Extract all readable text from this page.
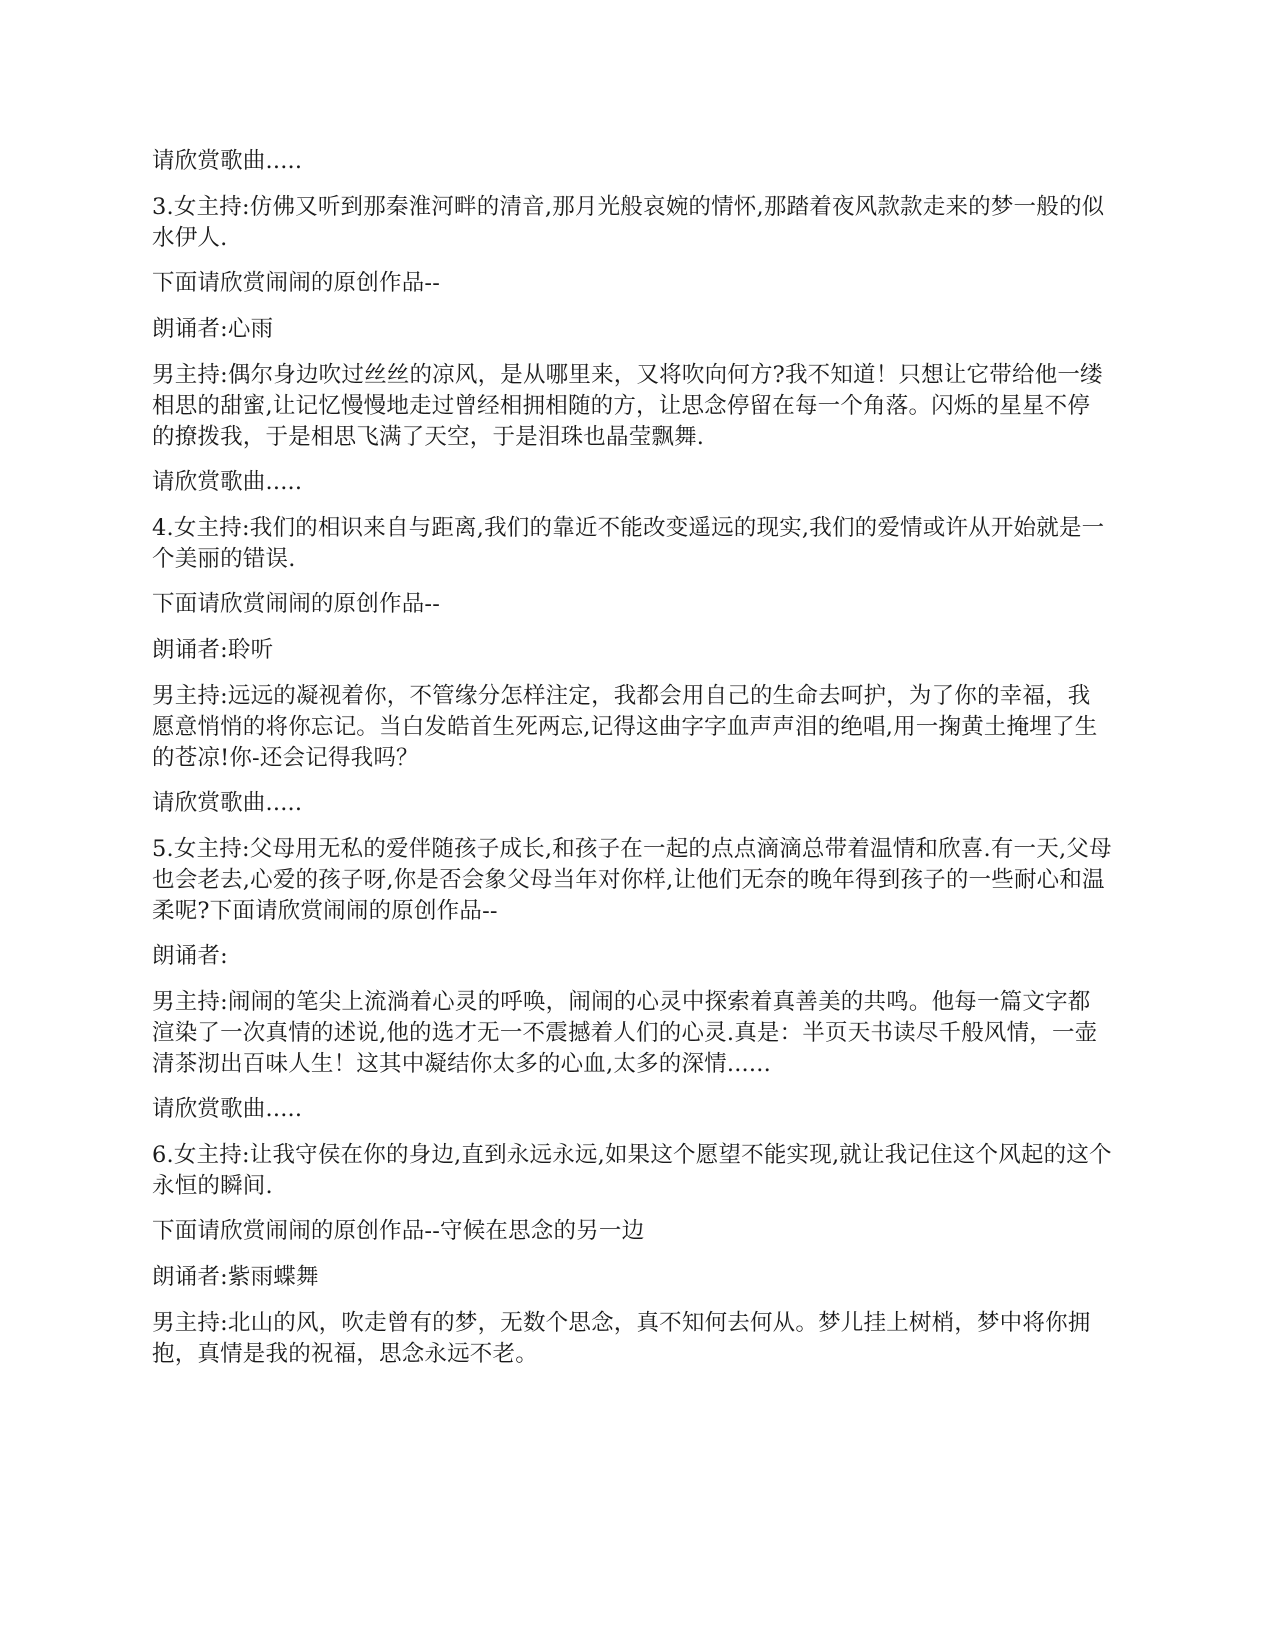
请欣赏歌曲.....

3.女主持:仿佛又听到那秦淮河畔的清音,那月光般哀婉的情怀,那踏着夜风款款走来的梦一般的似水伊人.

下面请欣赏闹闹的原创作品--

朗诵者:心雨

男主持:偶尔身边吹过丝丝的凉风，是从哪里来，又将吹向何方?我不知道！只想让它带给他一缕相思的甜蜜,让记忆慢慢地走过曾经相拥相随的方，让思念停留在每一个角落。闪烁的星星不停的撩拨我，于是相思飞满了天空，于是泪珠也晶莹飘舞.

请欣赏歌曲.....

4.女主持:我们的相识来自与距离,我们的靠近不能改变遥远的现实,我们的爱情或许从开始就是一个美丽的错误.

下面请欣赏闹闹的原创作品--

朗诵者:聆听

男主持:远远的凝视着你，不管缘分怎样注定，我都会用自己的生命去呵护，为了你的幸福，我愿意悄悄的将你忘记。当白发皓首生死两忘,记得这曲字字血声声泪的绝唱,用一掬黄土掩埋了生的苍凉!你-还会记得我吗？

请欣赏歌曲.....

5.女主持:父母用无私的爱伴随孩子成长,和孩子在一起的点点滴滴总带着温情和欣喜.有一天,父母也会老去,心爱的孩子呀,你是否会象父母当年对你样,让他们无奈的晚年得到孩子的一些耐心和温柔呢?下面请欣赏闹闹的原创作品--

朗诵者:

男主持:闹闹的笔尖上流淌着心灵的呼唤，闹闹的心灵中探索着真善美的共鸣。他每一篇文字都渲染了一次真情的述说,他的选才无一不震撼着人们的心灵.真是：半页天书读尽千般风情，一壶清茶沏出百味人生！这其中凝结你太多的心血,太多的深情......

请欣赏歌曲.....

6.女主持:让我守侯在你的身边,直到永远永远,如果这个愿望不能实现,就让我记住这个风起的这个永恒的瞬间.

下面请欣赏闹闹的原创作品--守候在思念的另一边

朗诵者:紫雨蝶舞

男主持:北山的风，吹走曾有的梦，无数个思念，真不知何去何从。梦儿挂上树梢，梦中将你拥抱，真情是我的祝福，思念永远不老。
